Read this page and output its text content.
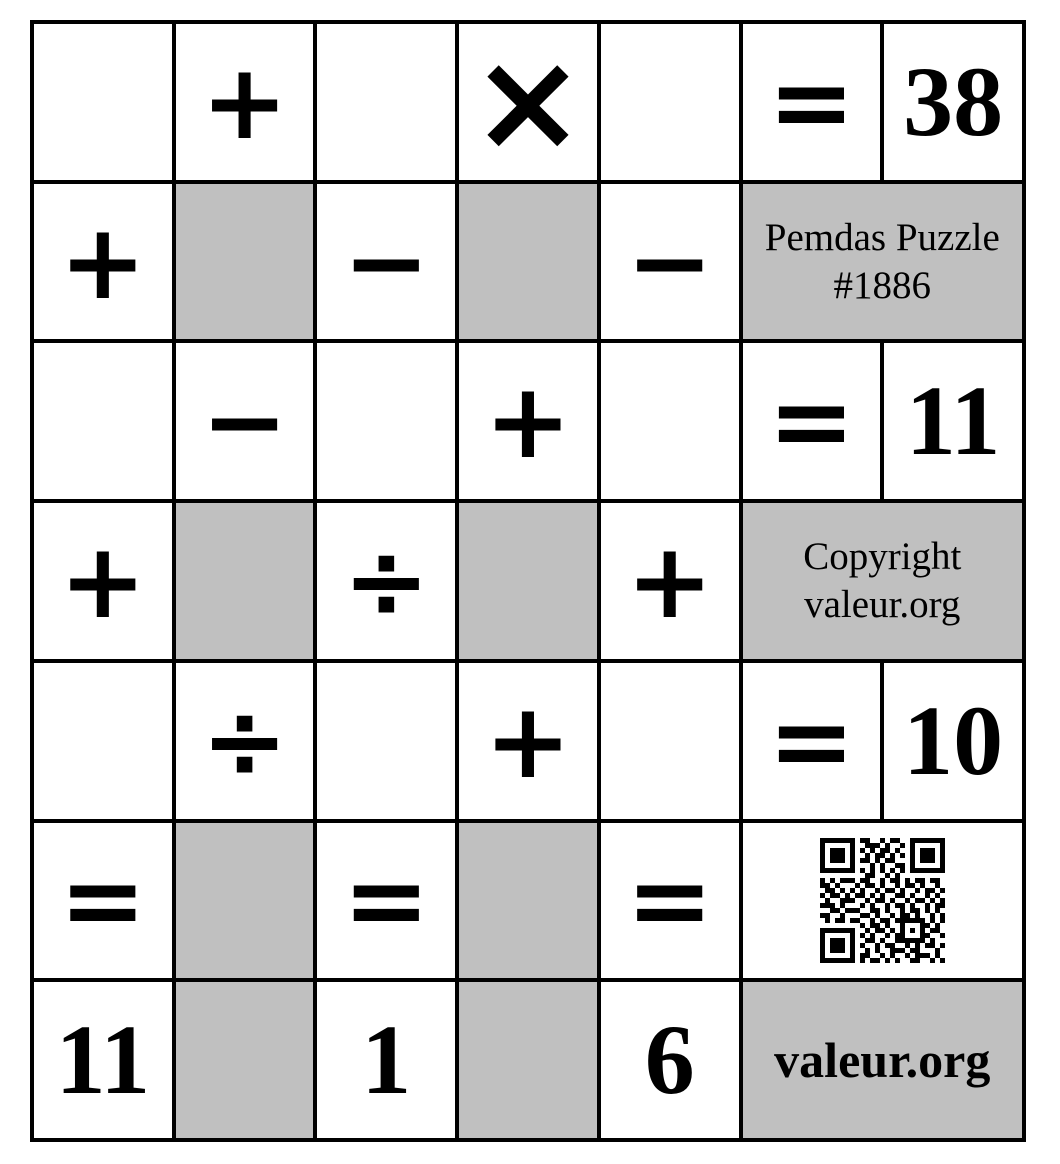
+ × = 38
+ − − Pemdas Puzzle
#1886
− + = 11
+ ÷ + Copyright
valeur.org
÷ + = 10
= = =
11 1 6 valeur.org
